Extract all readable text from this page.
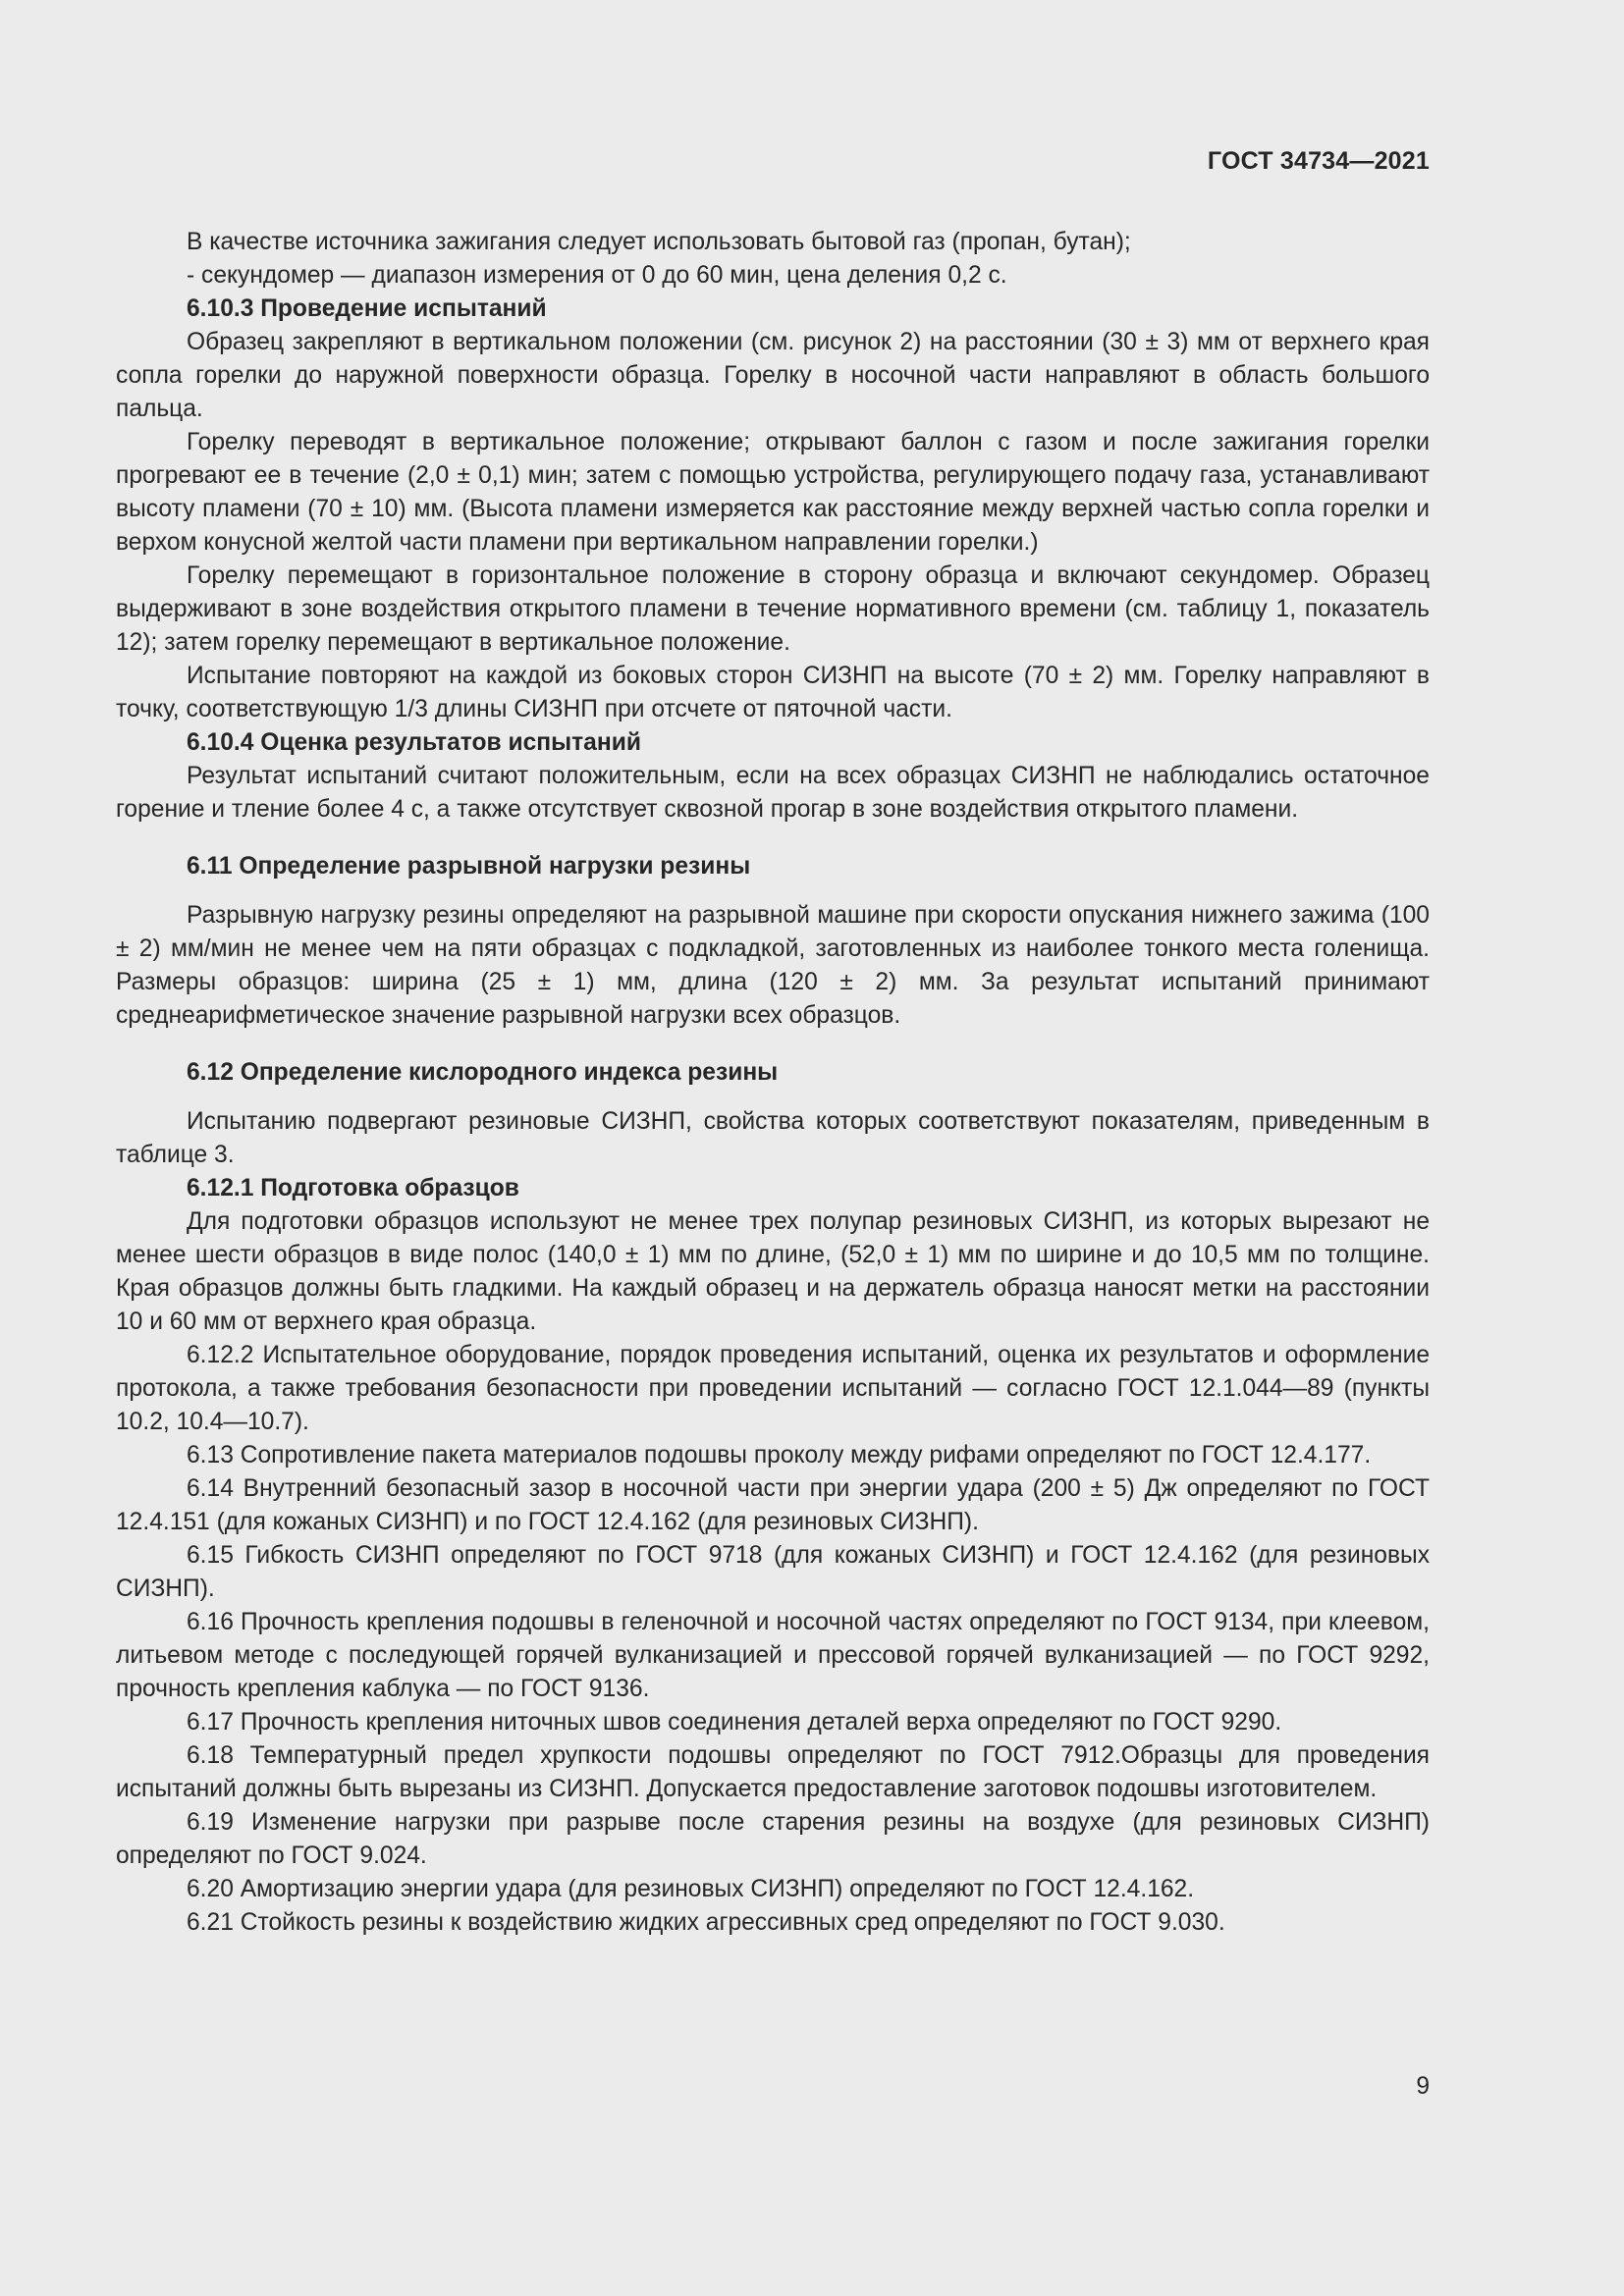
ГОСТ 34734—2021

В качестве источника зажигания следует использовать бытовой газ (пропан, бутан);

- секундомер — диапазон измерения от 0 до 60 мин, цена деления 0,2 с.

6.10.3 Проведение испытаний

Образец закрепляют в вертикальном положении (см. рисунок 2) на расстоянии (30 ± 3) мм от верхнего края сопла горелки до наружной поверхности образца. Горелку в носочной части направляют в область большого пальца.

Горелку переводят в вертикальное положение; открывают баллон с газом и после зажигания горелки прогревают ее в течение (2,0 ± 0,1) мин; затем с помощью устройства, регулирующего подачу газа, устанавливают высоту пламени (70 ± 10) мм. (Высота пламени измеряется как расстояние между верхней частью сопла горелки и верхом конусной желтой части пламени при вертикальном направлении горелки.)

Горелку перемещают в горизонтальное положение в сторону образца и включают секундомер. Образец выдерживают в зоне воздействия открытого пламени в течение нормативного времени (см. таблицу 1, показатель 12); затем горелку перемещают в вертикальное положение.

Испытание повторяют на каждой из боковых сторон СИЗНП на высоте (70 ± 2) мм. Горелку направляют в точку, соответствующую 1/3 длины СИЗНП при отсчете от пяточной части.

6.10.4 Оценка результатов испытаний

Результат испытаний считают положительным, если на всех образцах СИЗНП не наблюдались остаточное горение и тление более 4 с, а также отсутствует сквозной прогар в зоне воздействия открытого пламени.

6.11 Определение разрывной нагрузки резины

Разрывную нагрузку резины определяют на разрывной машине при скорости опускания нижнего зажима (100 ± 2) мм/мин не менее чем на пяти образцах с подкладкой, заготовленных из наиболее тонкого места голенища. Размеры образцов: ширина (25 ± 1) мм, длина (120 ± 2) мм. За результат испытаний принимают среднеарифметическое значение разрывной нагрузки всех образцов.

6.12 Определение кислородного индекса резины

Испытанию подвергают резиновые СИЗНП, свойства которых соответствуют показателям, приведенным в таблице 3.

6.12.1 Подготовка образцов

Для подготовки образцов используют не менее трех полупар резиновых СИЗНП, из которых вырезают не менее шести образцов в виде полос (140,0 ± 1) мм по длине, (52,0 ± 1) мм по ширине и до 10,5 мм по толщине. Края образцов должны быть гладкими. На каждый образец и на держатель образца наносят метки на расстоянии 10 и 60 мм от верхнего края образца.

6.12.2 Испытательное оборудование, порядок проведения испытаний, оценка их результатов и оформление протокола, а также требования безопасности при проведении испытаний — согласно ГОСТ 12.1.044—89 (пункты 10.2, 10.4—10.7).

6.13 Сопротивление пакета материалов подошвы проколу между рифами определяют по ГОСТ 12.4.177.

6.14 Внутренний безопасный зазор в носочной части при энергии удара (200 ± 5) Дж определяют по ГОСТ 12.4.151 (для кожаных СИЗНП) и по ГОСТ 12.4.162 (для резиновых СИЗНП).

6.15 Гибкость СИЗНП определяют по ГОСТ 9718 (для кожаных СИЗНП) и ГОСТ 12.4.162 (для резиновых СИЗНП).

6.16 Прочность крепления подошвы в геленочной и носочной частях определяют по ГОСТ 9134, при клеевом, литьевом методе с последующей горячей вулканизацией и прессовой горячей вулканизацией — по ГОСТ 9292, прочность крепления каблука — по ГОСТ 9136.

6.17 Прочность крепления ниточных швов соединения деталей верха определяют по ГОСТ 9290.

6.18 Температурный предел хрупкости подошвы определяют по ГОСТ 7912.Образцы для проведения испытаний должны быть вырезаны из СИЗНП. Допускается предоставление заготовок подошвы изготовителем.

6.19 Изменение нагрузки при разрыве после старения резины на воздухе (для резиновых СИЗНП) определяют по ГОСТ 9.024.

6.20 Амортизацию энергии удара (для резиновых СИЗНП) определяют по ГОСТ 12.4.162.

6.21 Стойкость резины к воздействию жидких агрессивных сред определяют по ГОСТ 9.030.

9
